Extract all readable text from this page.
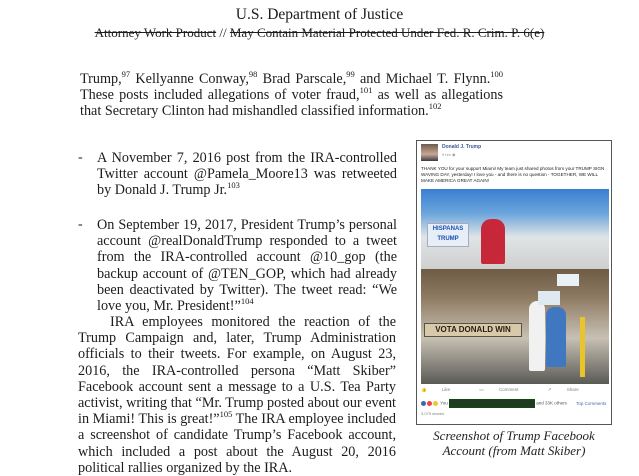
U.S. Department of Justice
Attorney Work Product // May Contain Material Protected Under Fed. R. Crim. P. 6(e)
Trump,$^{97}$ Kellyanne Conway,$^{98}$ Brad Parscale,$^{99}$ and Michael T. Flynn.$^{100}$ These posts included allegations of voter fraud,$^{101}$ as well as allegations that Secretary Clinton had mishandled classified information.$^{102}$
- A November 7, 2016 post from the IRA-controlled Twitter account @Pamela_Moore13 was retweeted by Donald J. Trump Jr.$^{103}$
- On September 19, 2017, President Trump’s personal account @realDonaldTrump responded to a tweet from the IRA-controlled account @10_gop (the backup account of @TEN_GOP, which had already been deactivated by Twitter). The tweet read: “We love you, Mr. President!”$^{104}$
IRA employees monitored the reaction of the Trump Campaign and, later, Trump Administration officials to their tweets. For example, on August 23, 2016, the IRA-controlled persona “Matt Skiber” Facebook account sent a message to a U.S. Tea Party activist, writing that “Mr. Trump posted about our event in Miami! This is great!”$^{105}$ The IRA employee included a screenshot of candidate Trump’s Facebook account, which included a post about the August 20, 2016 political rallies organized by the IRA.
Donald J. Trump
9 hrs ◉
THANK YOU for your support Miami! My team just shared photos from your TRUMP SIGN WAVING DAY, yesterday! I love you - and there is no question - TOGETHER, WE WILL MAKE AMERICA GREAT AGAIN!
HISPANAS TRUMP
VOTA DONALD WIN
👍	Like	▭	Comment	↗	Share
You	and 33K others Top Comments
3,079 shares
Screenshot of Trump Facebook
Account (from Matt Skiber)
